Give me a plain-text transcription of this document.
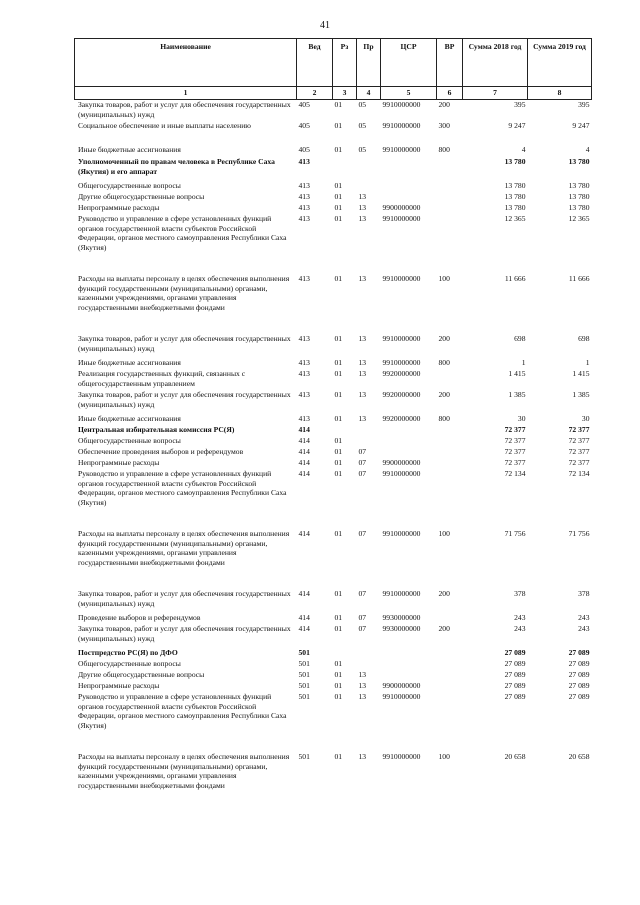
41
Наименование	Вед	Рз	Пр	ЦСР	ВР	Сумма 2018 год	Сумма 2019 год
1	2	3	4	5	6	7	8
Закупка товаров, работ и услуг для обеспечения государственных (муниципальных) нужд	405	01	05	9910000000	200	395	395
Социальное обеспечение и иные выплаты населению	405	01	05	9910000000	300	9 247	9 247
Иные бюджетные ассигнования	405	01	05	9910000000	800	4	4
Уполномоченный по правам человека в Республике Саха (Якутия) и его аппарат	413					13 780	13 780
Общегосударственные вопросы	413	01				13 780	13 780
Другие общегосударственные вопросы	413	01	13			13 780	13 780
Непрограммные расходы	413	01	13	9900000000		13 780	13 780
Руководство и управление в сфере установленных функций органов государственной власти субъектов Российской Федерации, органов местного самоуправления Республики Саха (Якутия)	413	01	13	9910000000		12 365	12 365
Расходы на выплаты персоналу в целях обеспечения выполнения функций государственными (муниципальными) органами, казенными учреждениями, органами управления государственными внебюджетными фондами	413	01	13	9910000000	100	11 666	11 666
Закупка товаров, работ и услуг для обеспечения государственных (муниципальных) нужд	413	01	13	9910000000	200	698	698
Иные бюджетные ассигнования	413	01	13	9910000000	800	1	1
Реализация государственных функций, связанных с общегосударственным управлением	413	01	13	9920000000		1 415	1 415
Закупка товаров, работ и услуг для обеспечения государственных (муниципальных) нужд	413	01	13	9920000000	200	1 385	1 385
Иные бюджетные ассигнования	413	01	13	9920000000	800	30	30
Центральная избирательная комиссия РС(Я)	414					72 377	72 377
Общегосударственные вопросы	414	01				72 377	72 377
Обеспечение проведения выборов и референдумов	414	01	07			72 377	72 377
Непрограммные расходы	414	01	07	9900000000		72 377	72 377
Руководство и управление в сфере установленных функций органов государственной власти субъектов Российской Федерации, органов местного самоуправления Республики Саха (Якутия)	414	01	07	9910000000		72 134	72 134
Расходы на выплаты персоналу в целях обеспечения выполнения функций государственными (муниципальными) органами, казенными учреждениями, органами управления государственными внебюджетными фондами	414	01	07	9910000000	100	71 756	71 756
Закупка товаров, работ и услуг для обеспечения государственных (муниципальных) нужд	414	01	07	9910000000	200	378	378
Проведение выборов и референдумов	414	01	07	9930000000		243	243
Закупка товаров, работ и услуг для обеспечения государственных (муниципальных) нужд	414	01	07	9930000000	200	243	243
Постпредство РС(Я) по ДФО	501					27 089	27 089
Общегосударственные вопросы	501	01				27 089	27 089
Другие общегосударственные вопросы	501	01	13			27 089	27 089
Непрограммные расходы	501	01	13	9900000000		27 089	27 089
Руководство и управление в сфере установленных функций органов государственной власти субъектов Российской Федерации, органов местного самоуправления Республики Саха (Якутия)	501	01	13	9910000000		27 089	27 089
Расходы на выплаты персоналу в целях обеспечения выполнения функций государственными (муниципальными) органами, казенными учреждениями, органами управления государственными внебюджетными фондами	501	01	13	9910000000	100	20 658	20 658
